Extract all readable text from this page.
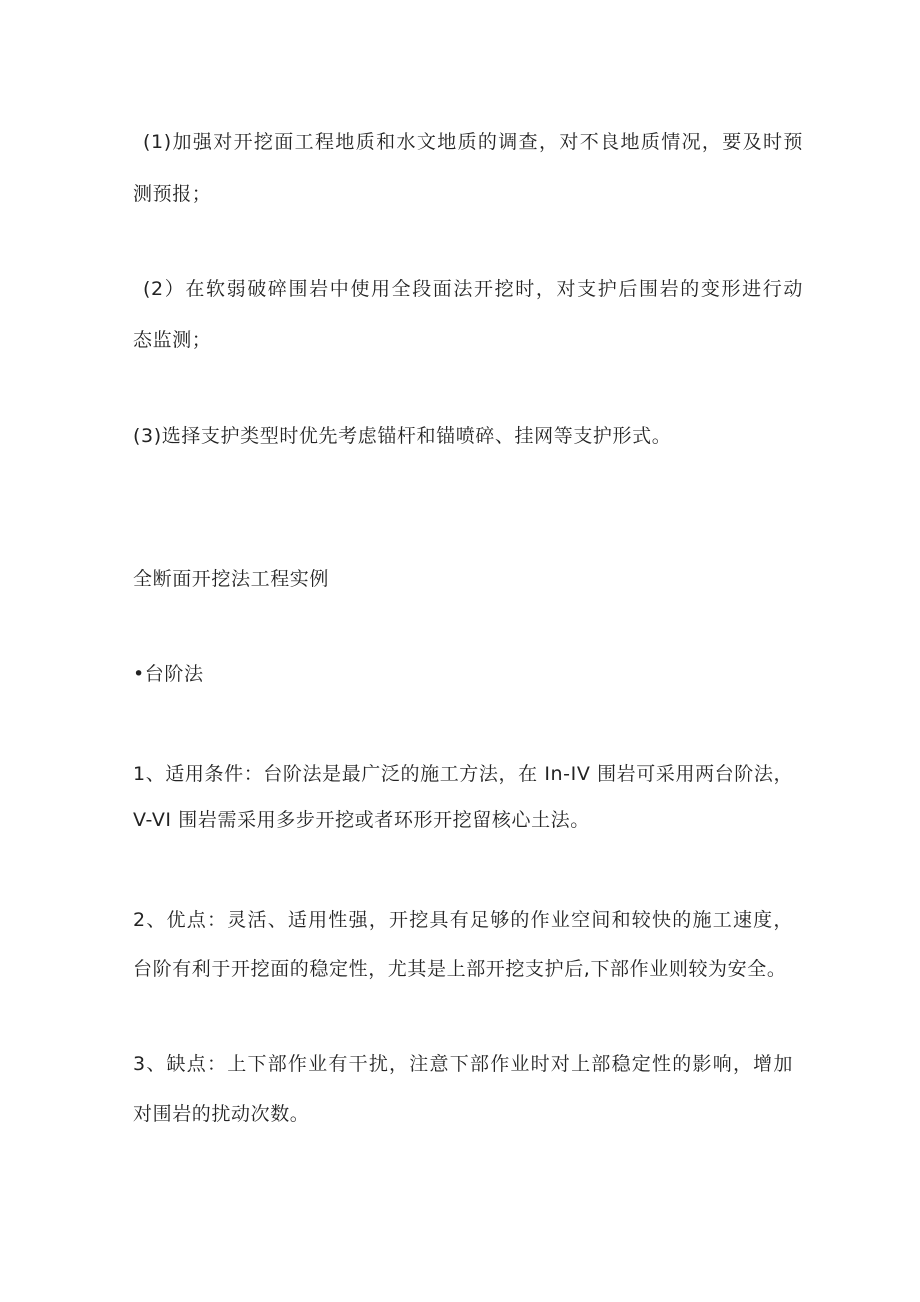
(1)加强对开挖面工程地质和水文地质的调查，对不良地质情况，要及时预
测预报；
(2）在软弱破碎围岩中使用全段面法开挖时，对支护后围岩的变形进行动
态监测；
(3)选择支护类型时优先考虑锚杆和锚喷碎、挂网等支护形式。
全断面开挖法工程实例
•台阶法
1、适用条件：台阶法是最广泛的施工方法，在 In-IV 围岩可采用两台阶法，
V-VI 围岩需采用多步开挖或者环形开挖留核心土法。
2、优点：灵活、适用性强，开挖具有足够的作业空间和较快的施工速度，
台阶有利于开挖面的稳定性，尤其是上部开挖支护后,下部作业则较为安全。
3、缺点：上下部作业有干扰，注意下部作业时对上部稳定性的影响，增加
对围岩的扰动次数。
